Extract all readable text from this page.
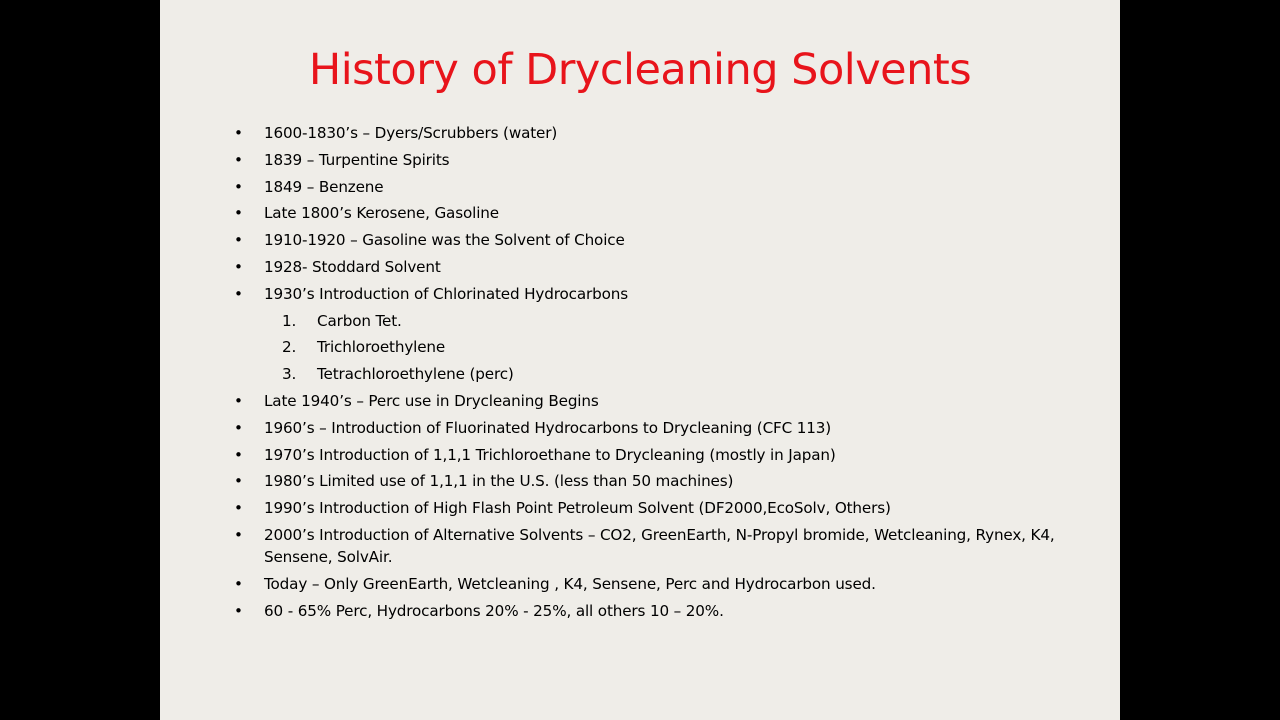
History of Drycleaning Solvents
• 1600-1830’s – Dyers/Scrubbers (water)
• 1839 – Turpentine Spirits
• 1849 – Benzene
• Late 1800’s Kerosene, Gasoline
• 1910-1920 – Gasoline was the Solvent of Choice
• 1928- Stoddard Solvent
• 1930’s Introduction of Chlorinated Hydrocarbons
1. Carbon Tet.
2. Trichloroethylene
3. Tetrachloroethylene (perc)
• Late 1940’s – Perc use in Drycleaning Begins
• 1960’s – Introduction of Fluorinated Hydrocarbons to Drycleaning (CFC 113)
• 1970’s Introduction of 1,1,1 Trichloroethane to Drycleaning (mostly in Japan)
• 1980’s Limited use of 1,1,1 in the U.S. (less than 50 machines)
• 1990’s Introduction of High Flash Point Petroleum Solvent (DF2000,EcoSolv, Others)
• 2000’s Introduction of Alternative Solvents – CO2, GreenEarth, N-Propyl bromide, Wetcleaning, Rynex, K4, Sensene, SolvAir.
• Today – Only GreenEarth, Wetcleaning , K4, Sensene, Perc and Hydrocarbon used.
• 60 - 65% Perc, Hydrocarbons 20% - 25%, all others 10 – 20%.
